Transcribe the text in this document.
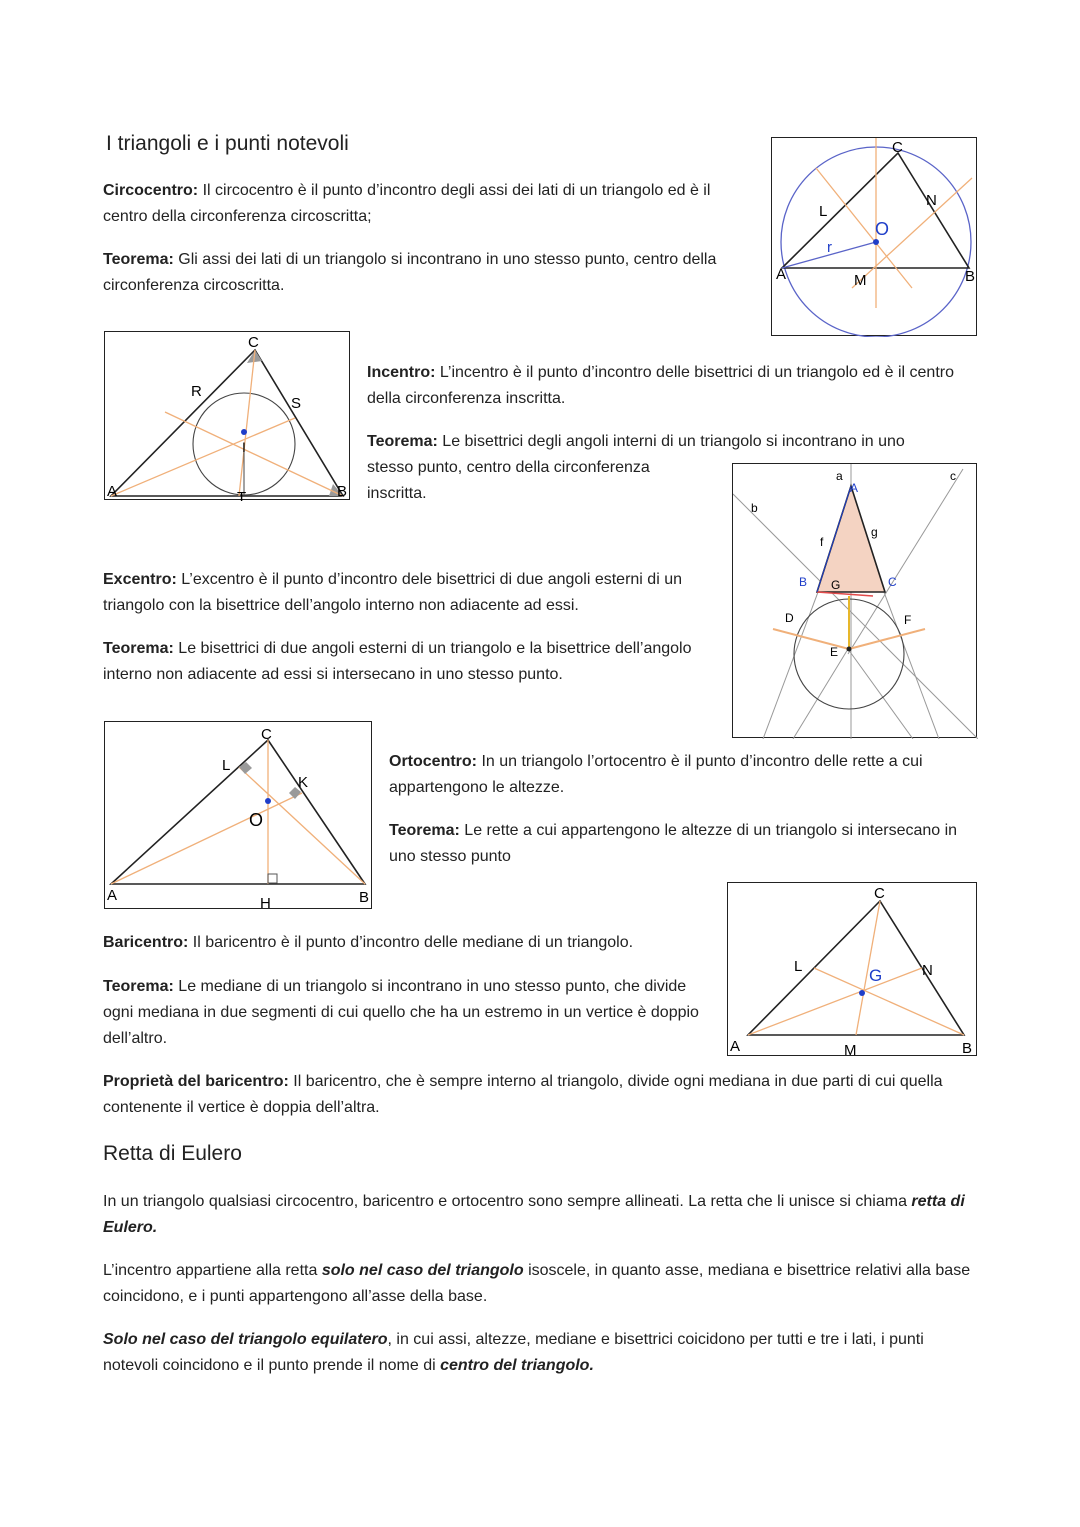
I triangoli e i punti notevoli

Circocentro: Il circocentro è il punto d’incontro degli assi dei lati di un triangolo ed è il centro della circonferenza circoscritta;

Teorema: Gli assi dei lati di un triangolo si incontrano in uno stesso punto, centro della circonferenza circoscritta.

A	B
C
L
N
M
O
r
A	B
C
R
S
T
I

Incentro: L’incentro è il punto d’incontro delle bisettrici di un triangolo ed è il centro della circonferenza inscritta.

Teorema: Le bisettrici degli angoli interni di un triangolo si incontrano in uno

stesso punto, centro della circonferenza

inscritta.

a
b
c
A
B	C
D
E
F
G
f
g

Excentro: L’excentro è il punto d’incontro dele bisettrici di due angoli esterni di un triangolo con la bisettrice dell’angolo interno non adiacente ad essi.

Teorema: Le bisettrici di due angoli esterni di un triangolo e la bisettrice dell’angolo interno non adiacente ad essi si intersecano in uno stesso punto.

A	B
C
L
K
O
H

Ortocentro: In un triangolo l’ortocentro è il punto d’incontro delle rette a cui appartengono le altezze.

Teorema: Le rette a cui appartengono le altezze di un triangolo si intersecano in uno stesso punto

A	B
C
L	N
M
G

Baricentro: Il baricentro è il punto d’incontro delle mediane di un triangolo.

Teorema: Le mediane di un triangolo si incontrano in uno stesso punto, che divide ogni mediana in due segmenti di cui quello che ha un estremo in un vertice è doppio dell’altro.

Proprietà del baricentro: Il baricentro, che è sempre interno al triangolo, divide ogni mediana in due parti di cui quella contenente il vertice è doppia dell’altra.

Retta di Eulero

In un triangolo qualsiasi circocentro, baricentro e ortocentro sono sempre allineati. La retta che li unisce si chiama retta di Eulero.

L’incentro appartiene alla retta solo nel caso del triangolo isoscele, in quanto asse, mediana e bisettrice relativi alla base coincidono, e i punti appartengono all’asse della base.

Solo nel caso del triangolo equilatero, in cui assi, altezze, mediane e bisettrici coicidono per tutti e tre i lati, i punti notevoli coincidono e il punto prende il nome di centro del triangolo.
